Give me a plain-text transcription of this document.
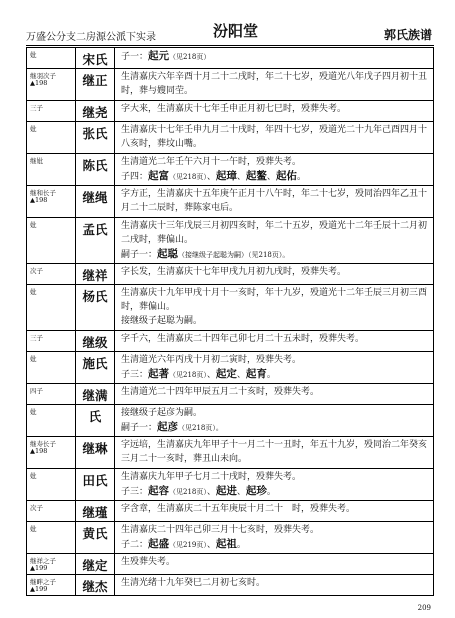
万盛公分支二房源公派下实录	汾阳堂	郭氏族谱
妣	宋氏	子一：起元（见218页）

继羽次子
▲198	继正	生清嘉庆六年辛酉十月二十二戌时，年二十七岁，殁道光八年戊子四月初十丑时，葬与嫂同茔。
三子	继尧	字大来，生清嘉庆十七年壬申正月初七巳时，殁葬失考。
妣	张氏	生清嘉庆十七年壬申九月二十戌时，年四十七岁，殁道光二十九年己酉四月十八亥时，葬坟山嘴。
继妣	陈氏	生清道光二年壬午六月十一午时，殁葬失考。
子四：起富（见218页）、起璋、起鳌、起佑。
继和长子
▲198	继绳	字方正，生清嘉庆十五年庚午正月十八午时，年二十七岁，殁同治四年乙丑十月二十二辰时，葬陈家屯后。
妣	孟氏	生清嘉庆十三年戊辰三月初四亥时，年二十五岁，殁道光十二年壬辰十二月初二戌时，葬偏山。
嗣子一：起聪（接继级子起聪为嗣）（见218页）。
次子	继祥	字长发，生清嘉庆十七年甲戌九月初九戌时，殁葬失考。
妣	杨氏	生清嘉庆十九年甲戌十月十一亥时，年十九岁，殁道光十二年壬辰三月初三酉时，葬偏山。
接继级子起聪为嗣。
三子	继级	字千六，生清嘉庆二十四年己卯七月二十五未时，殁葬失考。
妣	施氏	生清道光六年丙戌十月初二寅时，殁葬失考。
子三：起著（见218页）、起定、起育。
四子	继满	生清道光二十四年甲辰五月二十亥时，殁葬失考。
妣	氏	接继级子起彦为嗣。
嗣子一：起彦（见218页）。
继寿长子
▲198	继琳	字远培，生清嘉庆九年甲子十一月二十一丑时，年五十九岁，殁同治二年癸亥三月二十一亥时，葬丑山未向。
妣	田氏	生清嘉庆九年甲子七月二十戌时，殁葬失考。
子三：起容（见218页）、起进、起珍。
次子	继瑾	字含章，生清嘉庆二十五年庚辰十月二十　时，殁葬失考。
妣	黄氏	生清嘉庆二十四年己卯三月十七亥时，殁葬失考。
子二：起盛（见219页）、起祖。
继祥之子
▲199	继定	生殁葬失考。
继畔之子
▲199	继杰	生清光绪十九年癸巳二月初七亥时。
209
